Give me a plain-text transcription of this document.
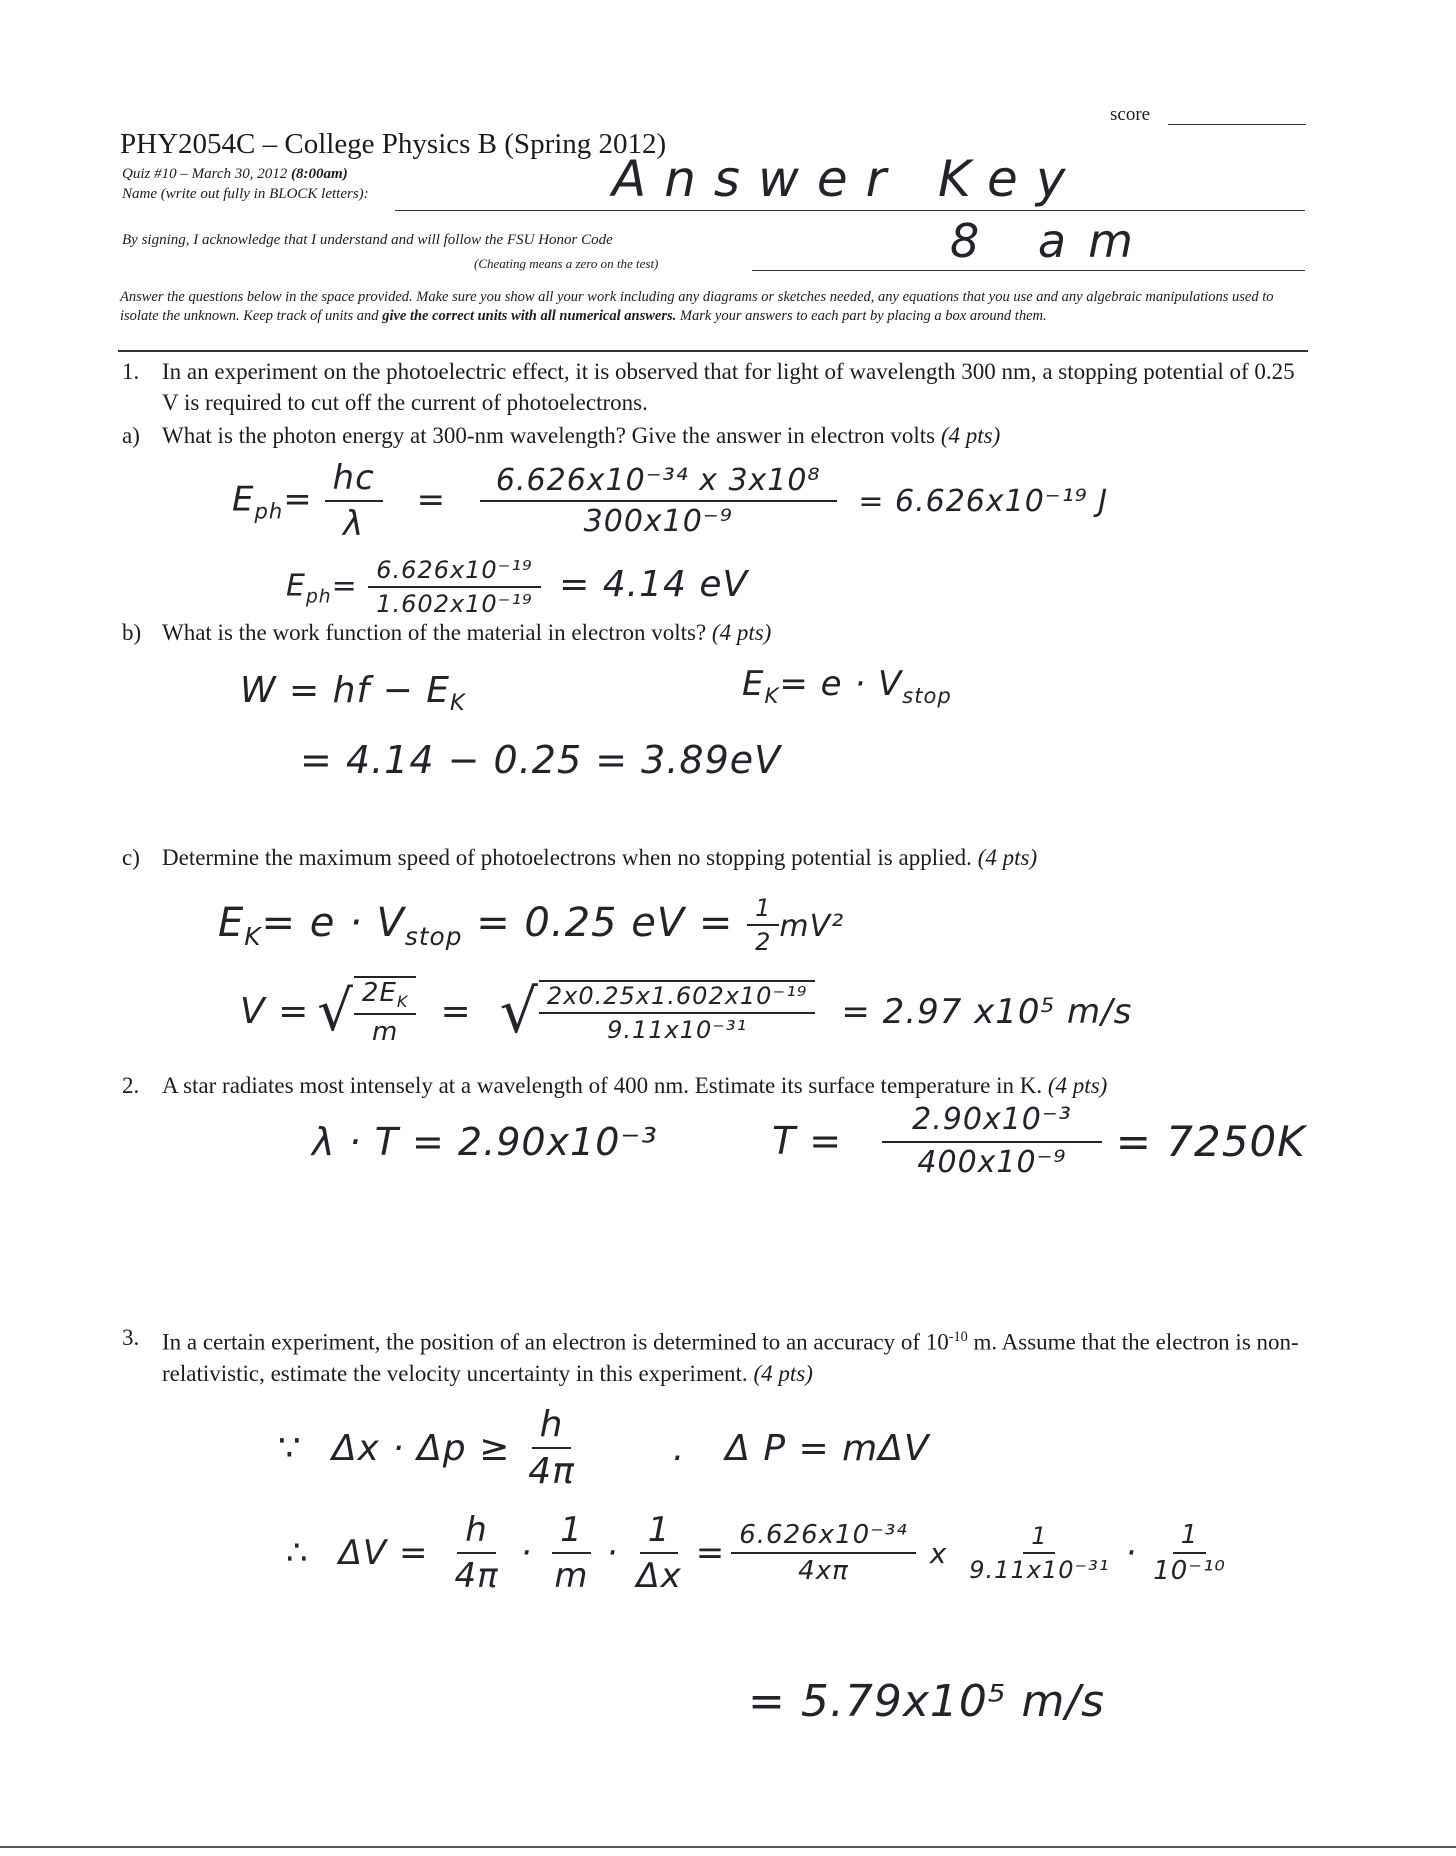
score
PHY2054C – College Physics B (Spring 2012)
Quiz #10 – March 30, 2012 (8:00am)
Name (write out fully in BLOCK letters):	Answer Key
By signing, I acknowledge that I understand and will follow the FSU Honor Code
(Cheating means a zero on the test)	8 am
Answer the questions below in the space provided. Make sure you show all your work including any diagrams or sketches needed, any equations that you use and any algebraic manipulations used to isolate the unknown. Keep track of units and give the correct units with all numerical answers. Mark your answers to each part by placing a box around them.
1. In an experiment on the photoelectric effect, it is observed that for light of wavelength 300 nm, a stopping potential of 0.25 V is required to cut off the current of photoelectrons.
a) What is the photon energy at 300-nm wavelength? Give the answer in electron volts (4 pts)
$E_{ph}= \frac{hc}{\lambda} = \frac{\text{6.626x10⁻³⁴ x 3x10⁸}}{\text{300x10⁻⁹}} = 6.626x10^{-19}$ J
$E_{ph}= \frac{\text{6.626x10⁻¹⁹}}{\text{1.602x10⁻¹⁹}} = 4.14$ eV
b) What is the work function of the material in electron volts? (4 pts)
W = hf − $E_K$	$E_K= e \cdot V_{stop}$
= 4.14 − 0.25 = 3.89eV
c) Determine the maximum speed of photoelectrons when no stopping potential is applied. (4 pts)
$E_K= e \cdot V_{stop} = 0.25$ eV = $\frac{1}{2} mV^2$
V = √ $\frac{2E_K}{m}$ = √ $\frac{\text{2x0.25x1.602x10⁻¹⁹}}{\text{9.11x10⁻³¹}} = 2.97$ x10⁵ m/s
2. A star radiates most intensely at a wavelength of 400 nm. Estimate its surface temperature in K. (4 pts)
λ · T = 2.90x10⁻³	$T = \frac{\text{2.90x10⁻³}}{\text{400x10⁻⁹}} = 7250K$
3. In a certain experiment, the position of an electron is determined to an accuracy of $10^{-10}$ m. Assume that the electron is non-relativistic, estimate the velocity uncertainty in this experiment. (4 pts)
∵ $\Delta x \cdot \Delta p \ge \frac{h}{4\pi}$	. Δ P = mΔV
∴ $\Delta V = \frac{h}{4\pi} \cdot \frac{1}{m} \cdot \frac{1}{\Delta x} = \frac{\text{6.626x10⁻³⁴}}{4x\pi}$ x $\frac{1}{\text{9.11x10⁻³¹}} \cdot \frac{1}{\text{10⁻¹⁰}}$
= 5.79x10⁵ m/s
